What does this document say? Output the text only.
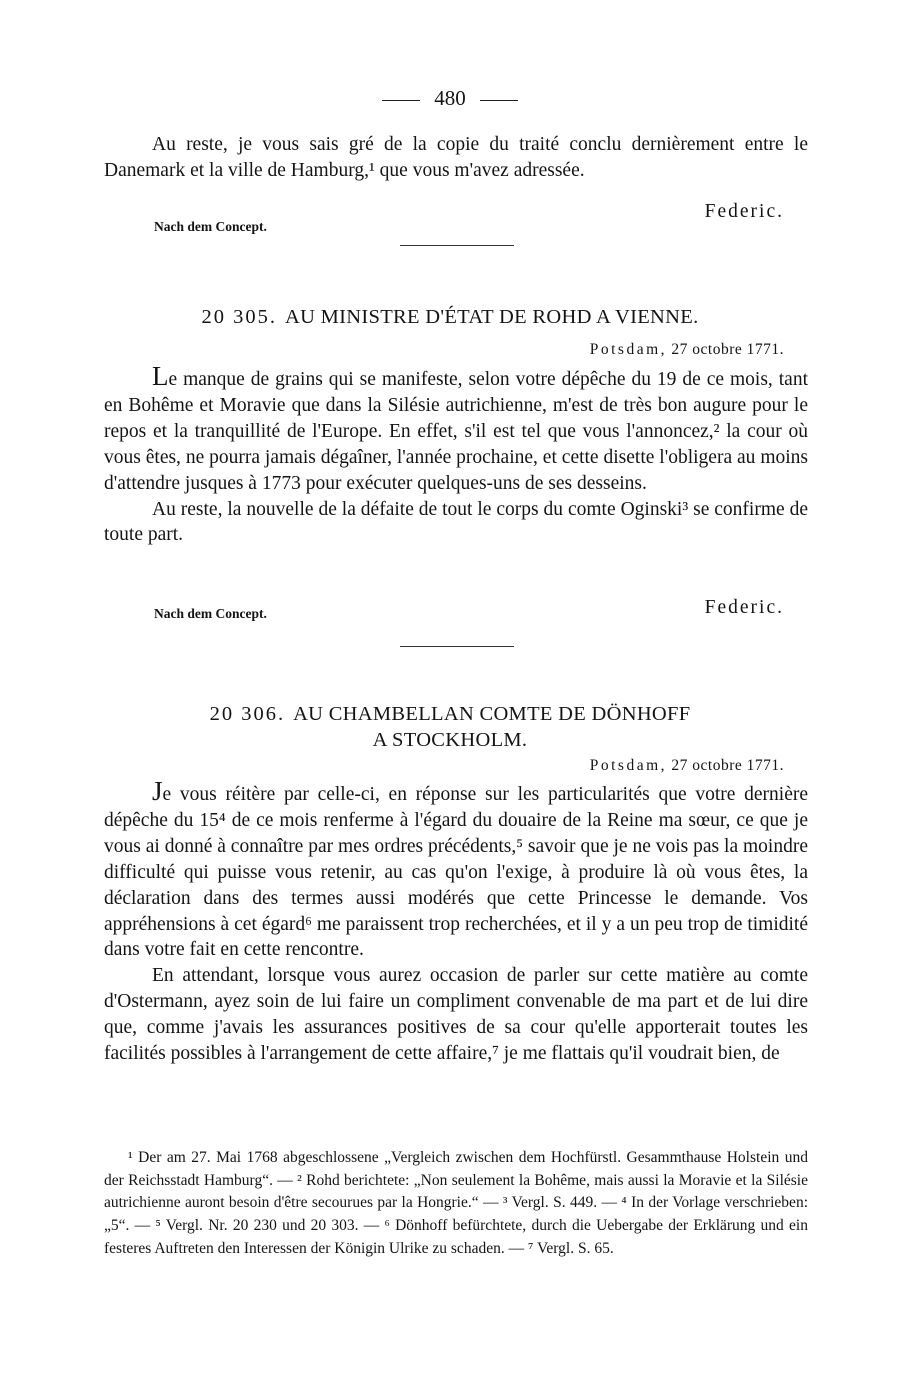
480
Au reste, je vous sais gré de la copie du traité conclu dernièrement entre le Danemark et la ville de Hamburg,¹ que vous m'avez adressée.
Nach dem Concept.
Federic.
20 305. AU MINISTRE D'ÉTAT DE ROHD A VIENNE.
Potsdam, 27 octobre 1771.
Le manque de grains qui se manifeste, selon votre dépêche du 19 de ce mois, tant en Bohême et Moravie que dans la Silésie autrichienne, m'est de très bon augure pour le repos et la tranquillité de l'Europe. En effet, s'il est tel que vous l'annoncez,² la cour où vous êtes, ne pourra jamais dégaîner, l'année prochaine, et cette disette l'obligera au moins d'attendre jusques à 1773 pour exécuter quelques-uns de ses desseins.
Au reste, la nouvelle de la défaite de tout le corps du comte Oginski³ se confirme de toute part.
Nach dem Concept.	Federic.
20 306. AU CHAMBELLAN COMTE DE DÖNHOFF
A STOCKHOLM.
Potsdam, 27 octobre 1771.
Je vous réitère par celle-ci, en réponse sur les particularités que votre dernière dépêche du 15⁴ de ce mois renferme à l'égard du douaire de la Reine ma sœur, ce que je vous ai donné à connaître par mes ordres précédents,⁵ savoir que je ne vois pas la moindre difficulté qui puisse vous retenir, au cas qu'on l'exige, à produire là où vous êtes, la déclaration dans des termes aussi modérés que cette Princesse le demande. Vos appréhensions à cet égard⁶ me paraissent trop recherchées, et il y a un peu trop de timidité dans votre fait en cette rencontre.
En attendant, lorsque vous aurez occasion de parler sur cette matière au comte d'Ostermann, ayez soin de lui faire un compliment convenable de ma part et de lui dire que, comme j'avais les assurances positives de sa cour qu'elle apporterait toutes les facilités possibles à l'arrangement de cette affaire,⁷ je me flattais qu'il voudrait bien, de
¹ Der am 27. Mai 1768 abgeschlossene „Vergleich zwischen dem Hochfürstl. Gesammthause Holstein und der Reichsstadt Hamburg“. — ² Rohd berichtete: „Non seulement la Bohême, mais aussi la Moravie et la Silésie autrichienne auront besoin d'être secourues par la Hongrie.“ — ³ Vergl. S. 449. — ⁴ In der Vorlage verschrieben: „5“. — ⁵ Vergl. Nr. 20 230 und 20 303. — ⁶ Dönhoff befürchtete, durch die Uebergabe der Erklärung und ein festeres Auftreten den Interessen der Königin Ulrike zu schaden. — ⁷ Vergl. S. 65.
